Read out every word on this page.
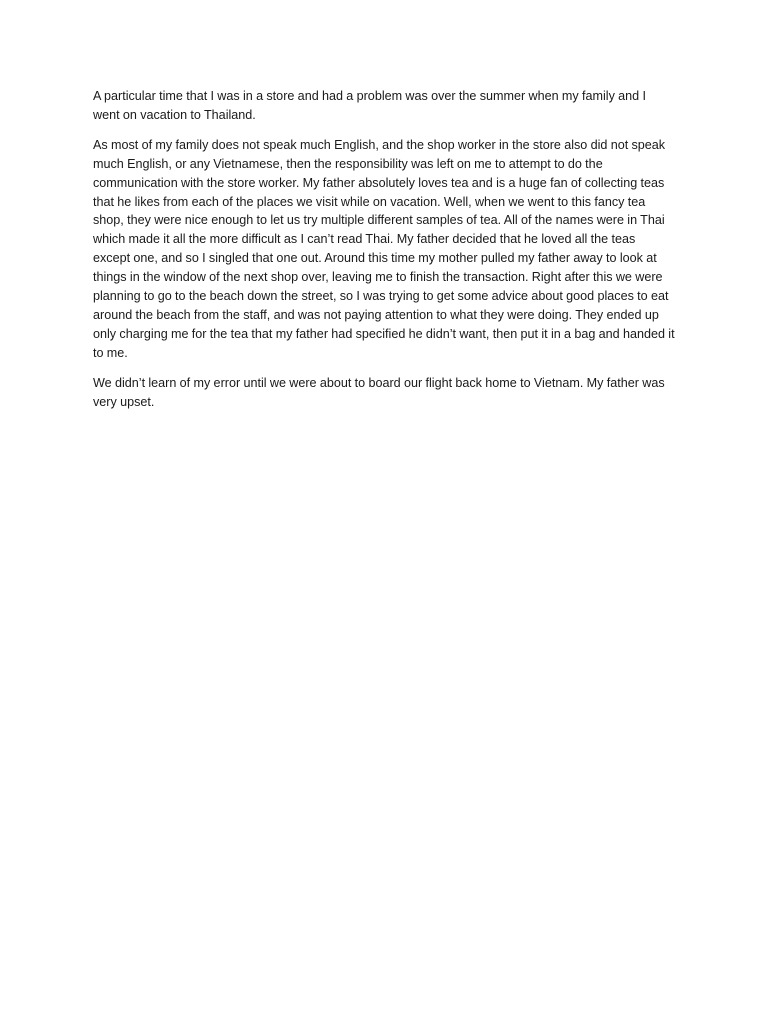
A particular time that I was in a store and had a problem was over the summer when my family and I went on vacation to Thailand.

As most of my family does not speak much English, and the shop worker in the store also did not speak much English, or any Vietnamese, then the responsibility was left on me to attempt to do the communication with the store worker. My father absolutely loves tea and is a huge fan of collecting teas that he likes from each of the places we visit while on vacation. Well, when we went to this fancy tea shop, they were nice enough to let us try multiple different samples of tea. All of the names were in Thai which made it all the more difficult as I can’t read Thai. My father decided that he loved all the teas except one, and so I singled that one out. Around this time my mother pulled my father away to look at things in the window of the next shop over, leaving me to finish the transaction. Right after this we were planning to go to the beach down the street, so I was trying to get some advice about good places to eat around the beach from the staff, and was not paying attention to what they were doing. They ended up only charging me for the tea that my father had specified he didn’t want, then put it in a bag and handed it to me.

We didn’t learn of my error until we were about to board our flight back home to Vietnam. My father was very upset.
